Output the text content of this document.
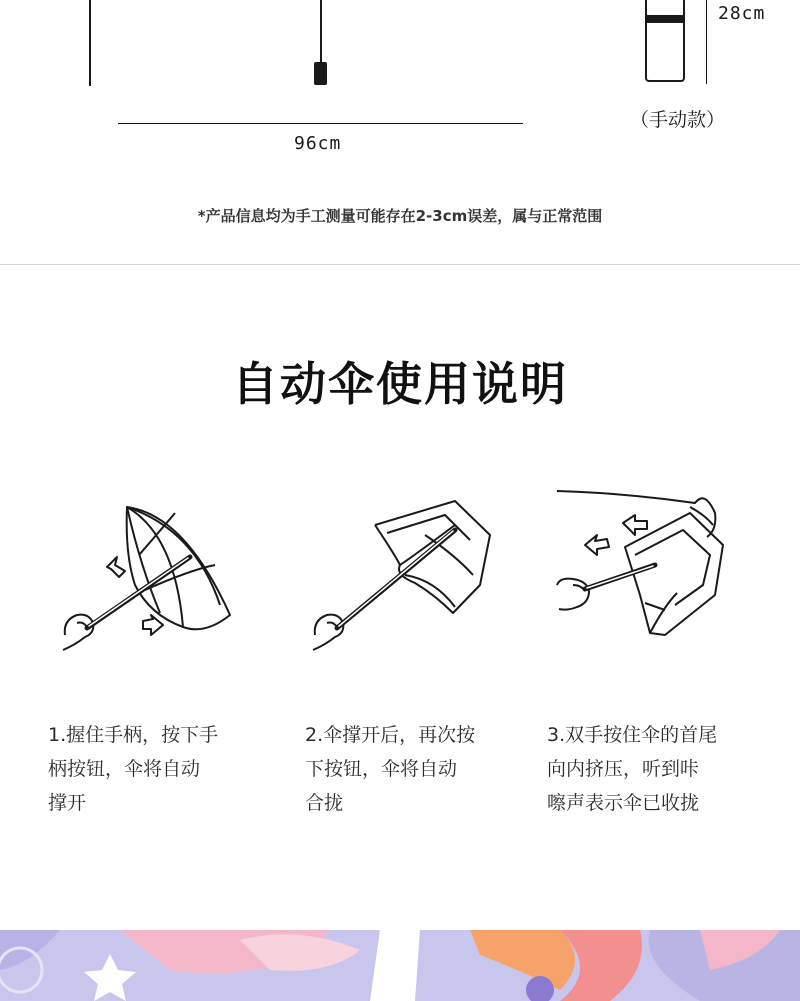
96cm
28cm
（手动款）
*产品信息均为手工测量可能存在2-3cm误差，属与正常范围
自动伞使用说明
1.握住手柄，按下手
柄按钮，伞将自动
撑开
2.伞撑开后，再次按
下按钮，伞将自动
合拢
3.双手按住伞的首尾
向内挤压，听到咔
嚓声表示伞已收拢
